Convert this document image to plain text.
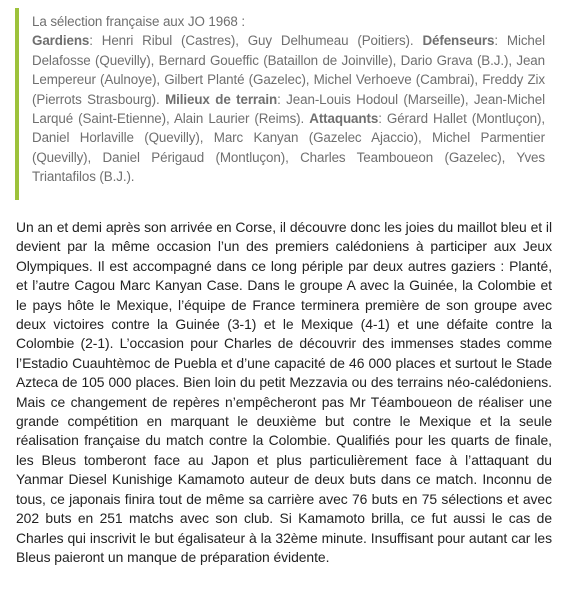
La sélection française aux JO 1968 :

Gardiens: Henri Ribul (Castres), Guy Delhumeau (Poitiers). Défenseurs: Michel Delafosse (Quevilly), Bernard Goueffic (Bataillon de Joinville), Dario Grava (B.J.), Jean Lempereur (Aulnoye), Gilbert Planté (Gazelec), Michel Verhoeve (Cambrai), Freddy Zix (Pierrots Strasbourg). Milieux de terrain: Jean-Louis Hodoul (Marseille), Jean-Michel Larqué (Saint-Etienne), Alain Laurier (Reims). Attaquants: Gérard Hallet (Montluçon), Daniel Horlaville (Quevilly), Marc Kanyan (Gazelec Ajaccio), Michel Parmentier (Quevilly), Daniel Périgaud (Montluçon), Charles Teamboueon (Gazelec), Yves Triantafilos (B.J.).

Un an et demi après son arrivée en Corse, il découvre donc les joies du maillot bleu et il devient par la même occasion l’un des premiers calédoniens à participer aux Jeux Olympiques. Il est accompagné dans ce long périple par deux autres gaziers : Planté, et l’autre Cagou Marc Kanyan Case. Dans le groupe A avec la Guinée, la Colombie et le pays hôte le Mexique, l’équipe de France terminera première de son groupe avec deux victoires contre la Guinée (3-1) et le Mexique (4-1) et une défaite contre la Colombie (2-1). L’occasion pour Charles de découvrir des immenses stades comme l’Estadio Cuauhtèmoc de Puebla et d’une capacité de 46 000 places et surtout le Stade Azteca de 105 000 places. Bien loin du petit Mezzavia ou des terrains néo-calédoniens. Mais ce changement de repères n’empêcheront pas Mr Téamboueon de réaliser une grande compétition en marquant le deuxième but contre le Mexique et la seule réalisation française du match contre la Colombie. Qualifiés pour les quarts de finale, les Bleus tomberont face au Japon et plus particulièrement face à l’attaquant du Yanmar Diesel Kunishige Kamamoto auteur de deux buts dans ce match. Inconnu de tous, ce japonais finira tout de même sa carrière avec 76 buts en 75 sélections et avec 202 buts en 251 matchs avec son club. Si Kamamoto brilla, ce fut aussi le cas de Charles qui inscrivit le but égalisateur à la 32ème minute. Insuffisant pour autant car les Bleus paieront un manque de préparation évidente.
